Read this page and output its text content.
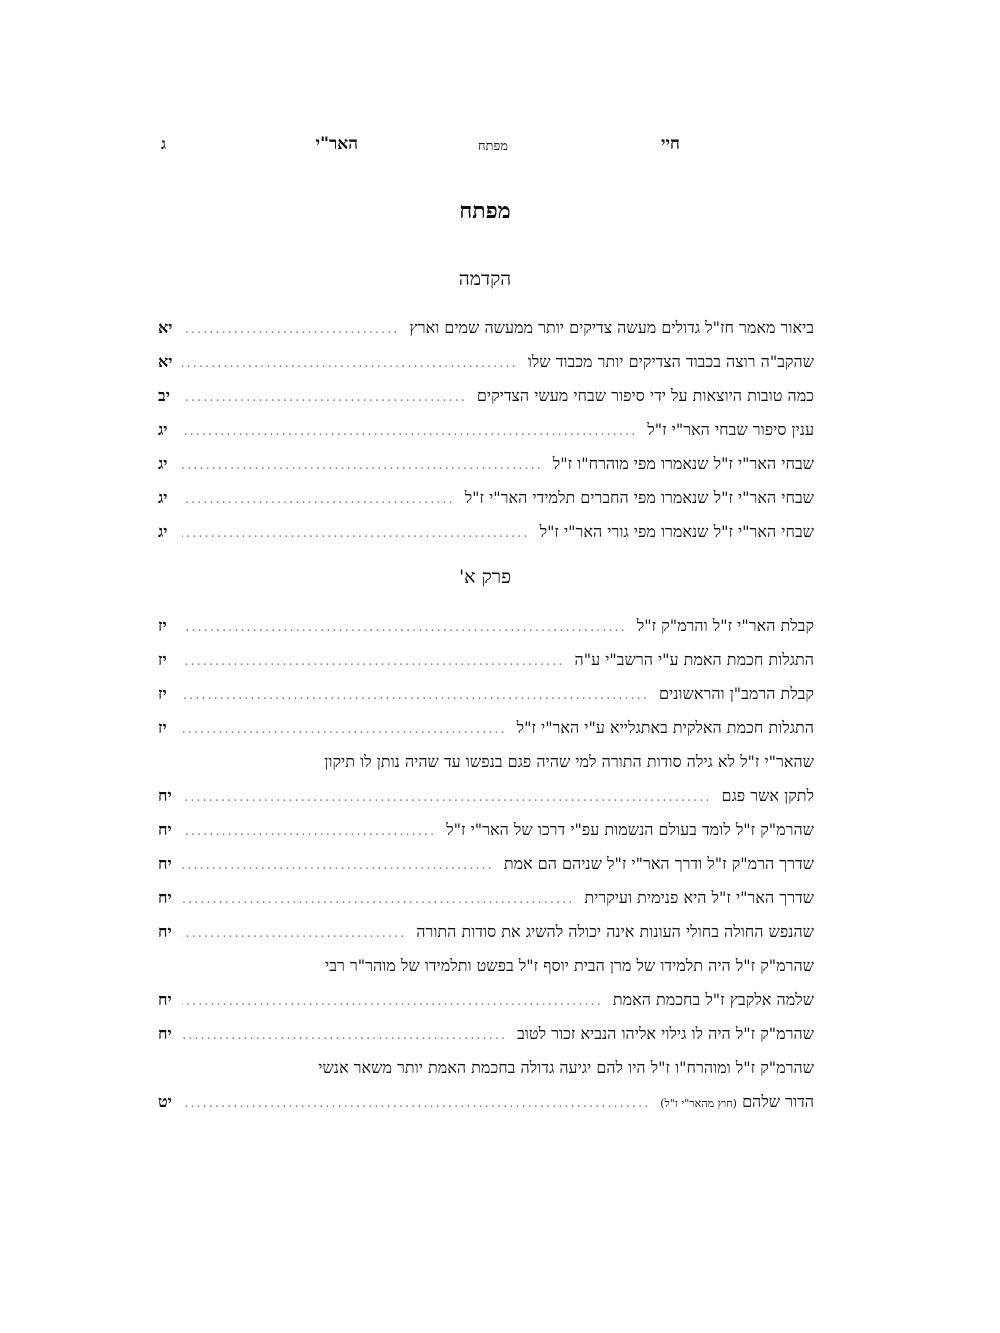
חיי
מפתח
האר"י
ג
מפתח
הקדמה
ביאור מאמר חז"ל גדולים מעשה צדיקים יותר ממעשה שמים וארץ
.....
יא
שהקב"ה רוצה בכבוד הצדיקים יותר מכבוד שלו
.....
יא
כמה טובות היוצאות על ידי סיפור שבחי מעשי הצדיקים
.....
יב
ענין סיפור שבחי האר"י ז"ל
.....
יג
שבחי האר"י ז"ל שנאמרו מפי מוהרח"ו ז"ל
.....
יג
שבחי האר"י ז"ל שנאמרו מפי החברים תלמידי האר"י ז"ל
.....
יג
שבחי האר"י ז"ל שנאמרו מפי גורי האר"י ז"ל
.....
יג
פרק א'
קבלת האר"י ז"ל והרמ"ק ז"ל
.....
יז
התגלות חכמת האמת ע"י הרשב"י ע"ה
.....
יז
קבלת הרמב"ן והראשונים
.....
יז
התגלות חכמת האלקית באתגלייא ע"י האר"י ז"ל
.....
יז
שהאר"י ז"ל לא גילה סודות התורה למי שהיה פגם בנפשו עד שהיה נותן לו תיקון
לתקן אשר פגם
.....
יח
שהרמ"ק ז"ל לומד בעולם הנשמות עפ"י דרכו של האר"י ז"ל
.....
יח
שדרך הרמ"ק ז"ל ודרך האר"י ז"ל שניהם הם אמת
.....
יח
שדרך האר"י ז"ל היא פנימית ועיקרית
.....
יח
שהנפש החולה בחולי העונות אינה יכולה להשיג את סודות התורה
.....
יח
שהרמ"ק ז"ל היה תלמידו של מרן הבית יוסף ז"ל בפשט ותלמידו של מוהר"ר רבי
שלמה אלקבץ ז"ל בחכמת האמת
.....
יח
שהרמ"ק ז"ל היה לו גילוי אליהו הנביא זכור לטוב
.....
יח
שהרמ"ק ז"ל ומוהרח"ו ז"ל היו להם יגיעה גדולה בחכמת האמת יותר משאר אנשי
הדור שלהם (חוץ מהאר"י ז"ל)
.....
יט
